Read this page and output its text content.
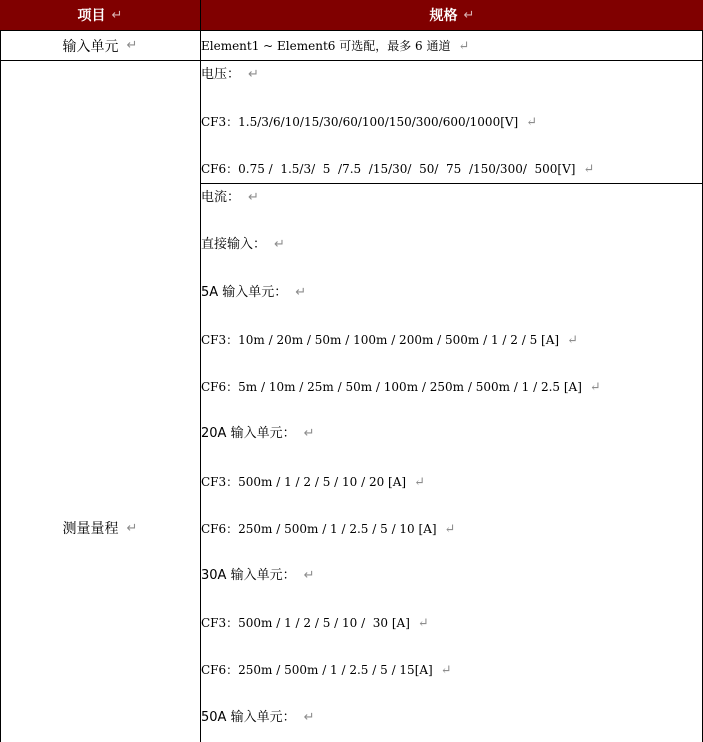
项目 ↵	规格 ↵
输入单元 ↵	Element1 ~ Element6 可选配，最多 6 通道 ↵
测量量程 ↵
电压： ↵
CF3：1.5/3/6/10/15/30/60/100/150/300/600/1000[V] ↵
CF6：0.75 /  1.5/3/  5  /7.5  /15/30/  50/  75  /150/300/  500[V] ↵
电流： ↵
直接输入： ↵
5A 输入单元： ↵
CF3：10m / 20m / 50m / 100m / 200m / 500m / 1 / 2 / 5 [A] ↵
CF6：5m / 10m / 25m / 50m / 100m / 250m / 500m / 1 / 2.5 [A] ↵
20A 输入单元： ↵
CF3：500m / 1 / 2 / 5 / 10 / 20 [A] ↵
CF6：250m / 500m / 1 / 2.5 / 5 / 10 [A] ↵
30A 输入单元： ↵
CF3：500m / 1 / 2 / 5 / 10 /  30 [A] ↵
CF6：250m / 500m / 1 / 2.5 / 5 / 15[A] ↵
50A 输入单元： ↵
